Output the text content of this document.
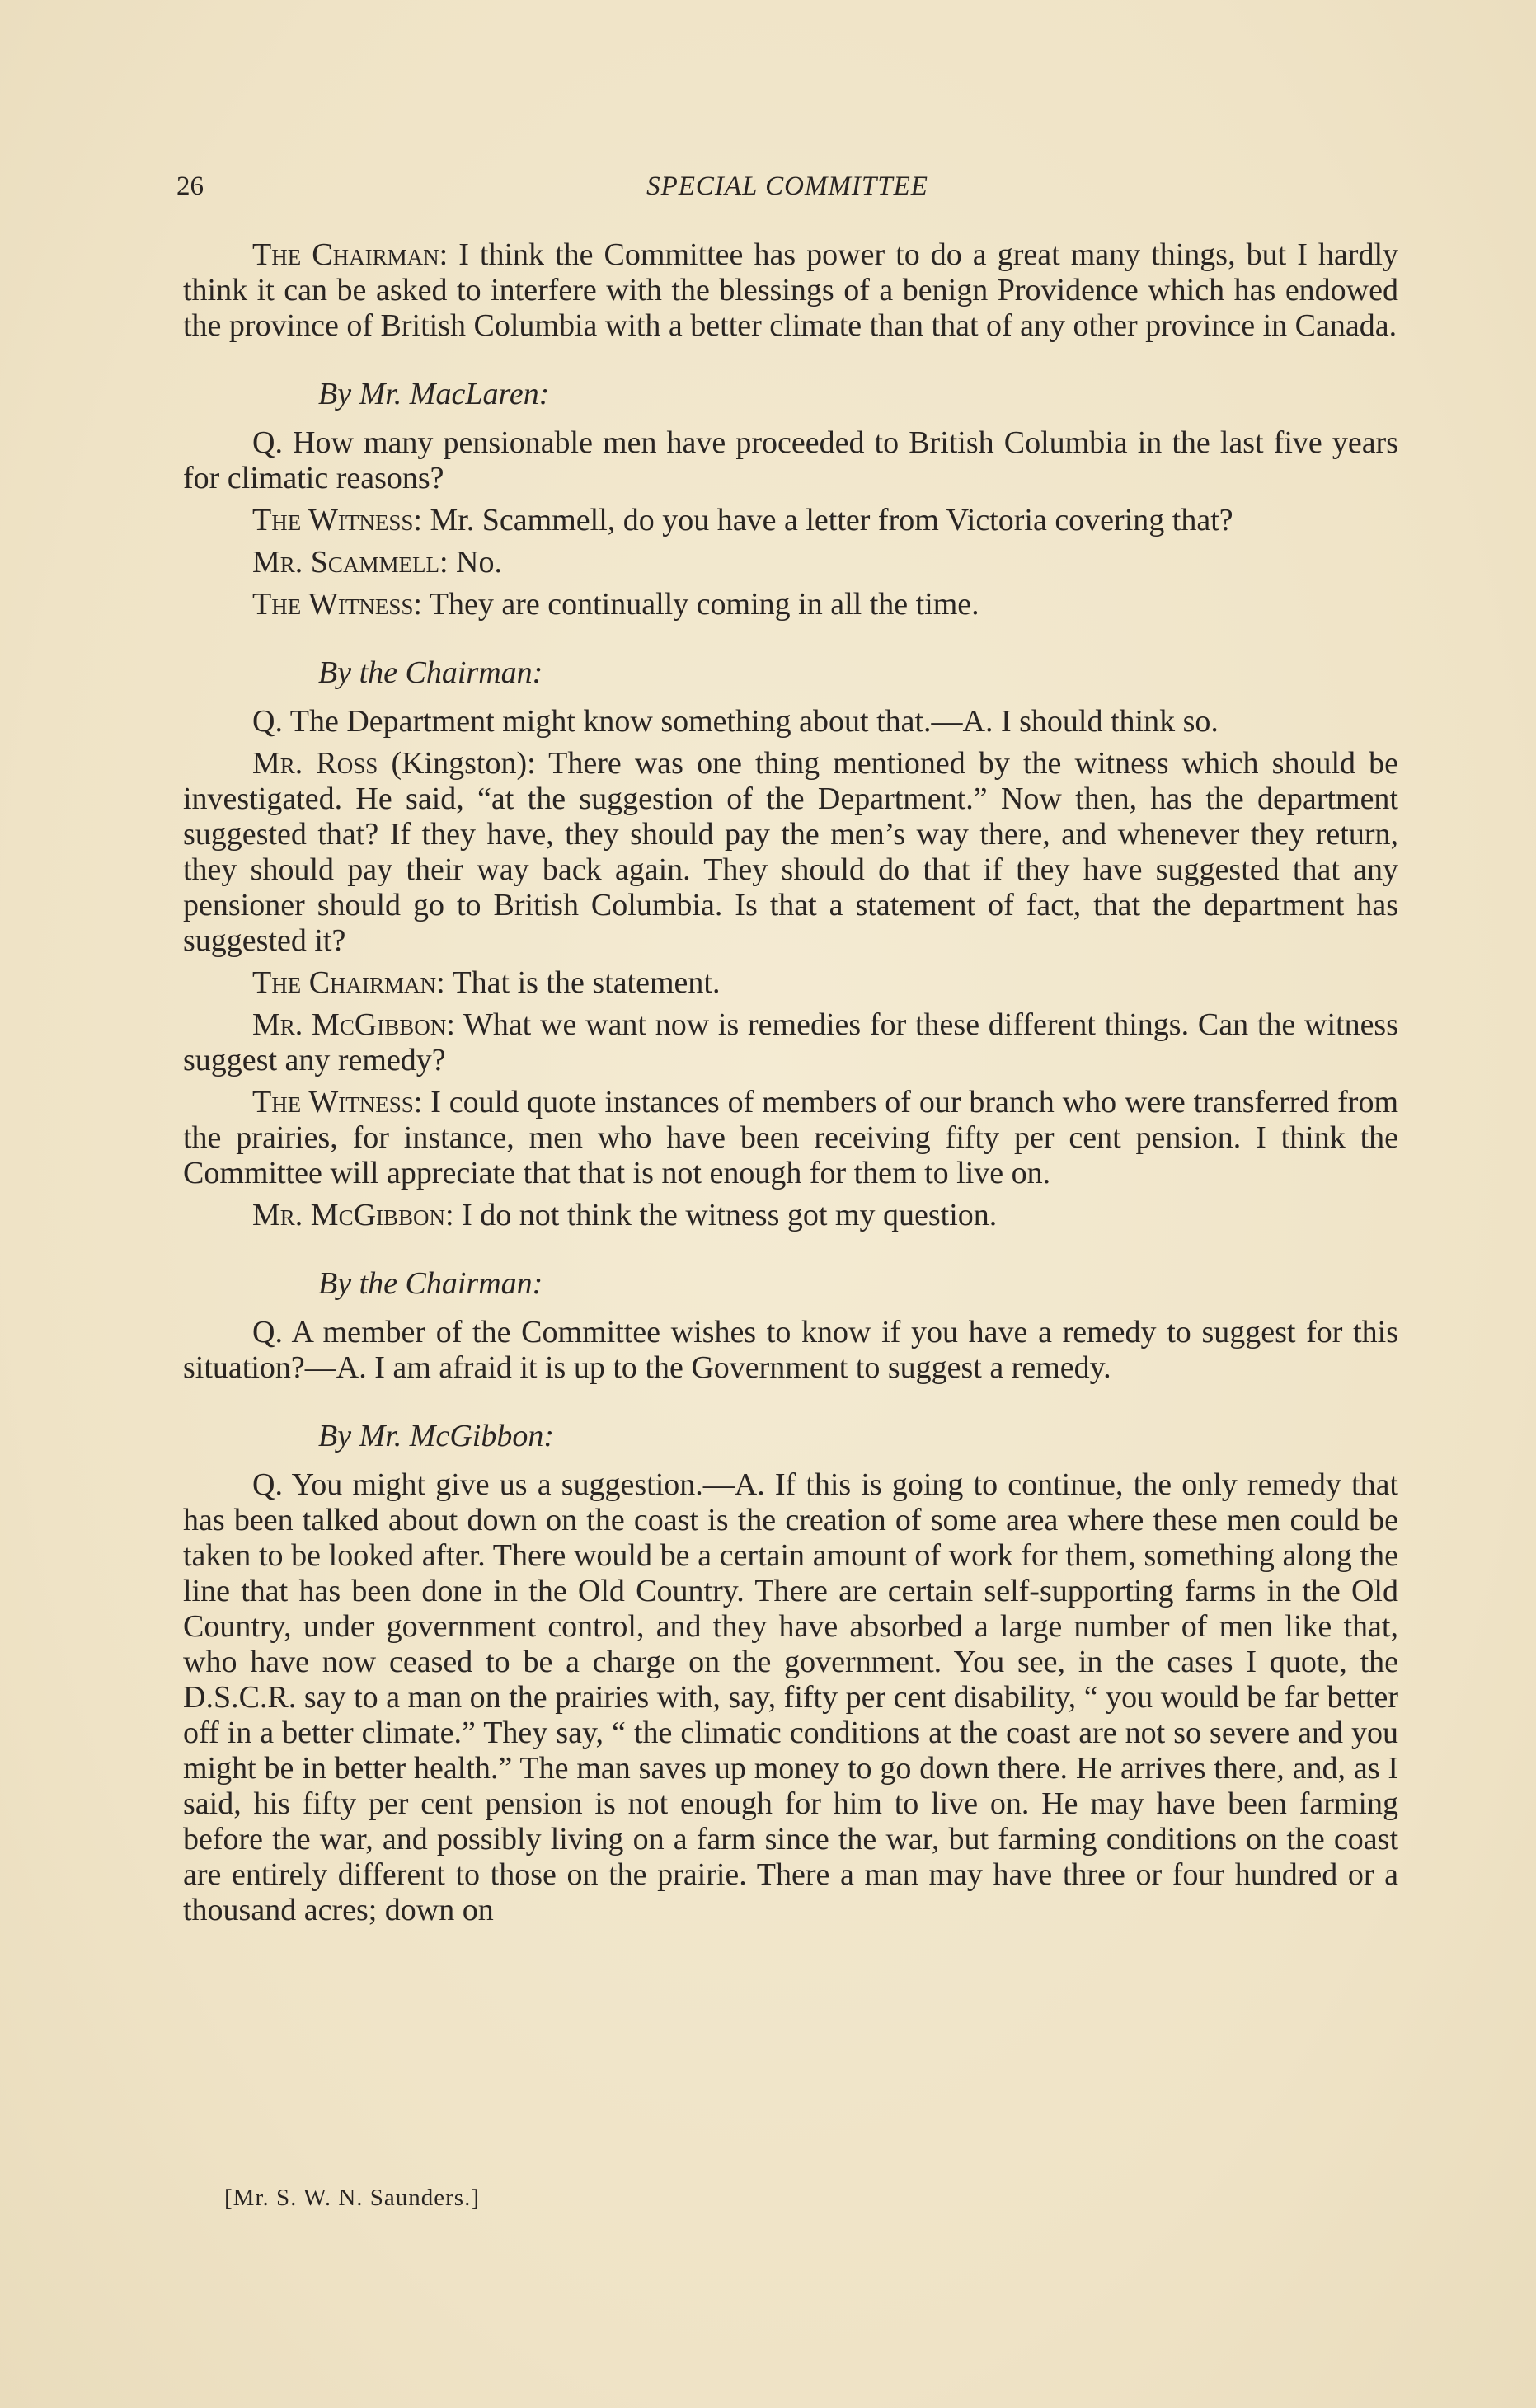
26	SPECIAL COMMITTEE

The Chairman: I think the Committee has power to do a great many things, but I hardly think it can be asked to interfere with the blessings of a benign Providence which has endowed the province of British Columbia with a better climate than that of any other province in Canada.

By Mr. MacLaren:

Q. How many pensionable men have proceeded to British Columbia in the last five years for climatic reasons?

The Witness: Mr. Scammell, do you have a letter from Victoria covering that?

Mr. Scammell: No.

The Witness: They are continually coming in all the time.

By the Chairman:

Q. The Department might know something about that.—A. I should think so.

Mr. Ross (Kingston): There was one thing mentioned by the witness which should be investigated. He said, “at the suggestion of the Department.” Now then, has the department suggested that? If they have, they should pay the men’s way there, and whenever they return, they should pay their way back again. They should do that if they have suggested that any pensioner should go to British Columbia. Is that a statement of fact, that the department has suggested it?

The Chairman: That is the statement.

Mr. McGibbon: What we want now is remedies for these different things. Can the witness suggest any remedy?

The Witness: I could quote instances of members of our branch who were transferred from the prairies, for instance, men who have been receiving fifty per cent pension. I think the Committee will appreciate that that is not enough for them to live on.

Mr. McGibbon: I do not think the witness got my question.

By the Chairman:

Q. A member of the Committee wishes to know if you have a remedy to suggest for this situation?—A. I am afraid it is up to the Government to suggest a remedy.

By Mr. McGibbon:

Q. You might give us a suggestion.—A. If this is going to continue, the only remedy that has been talked about down on the coast is the creation of some area where these men could be taken to be looked after. There would be a certain amount of work for them, something along the line that has been done in the Old Country. There are certain self-supporting farms in the Old Country, under government control, and they have absorbed a large number of men like that, who have now ceased to be a charge on the government. You see, in the cases I quote, the D.S.C.R. say to a man on the prairies with, say, fifty per cent disability, “ you would be far better off in a better climate.” They say, “ the climatic conditions at the coast are not so severe and you might be in better health.” The man saves up money to go down there. He arrives there, and, as I said, his fifty per cent pension is not enough for him to live on. He may have been farming before the war, and possibly living on a farm since the war, but farming conditions on the coast are entirely different to those on the prairie. There a man may have three or four hundred or a thousand acres; down on

[Mr. S. W. N. Saunders.]
